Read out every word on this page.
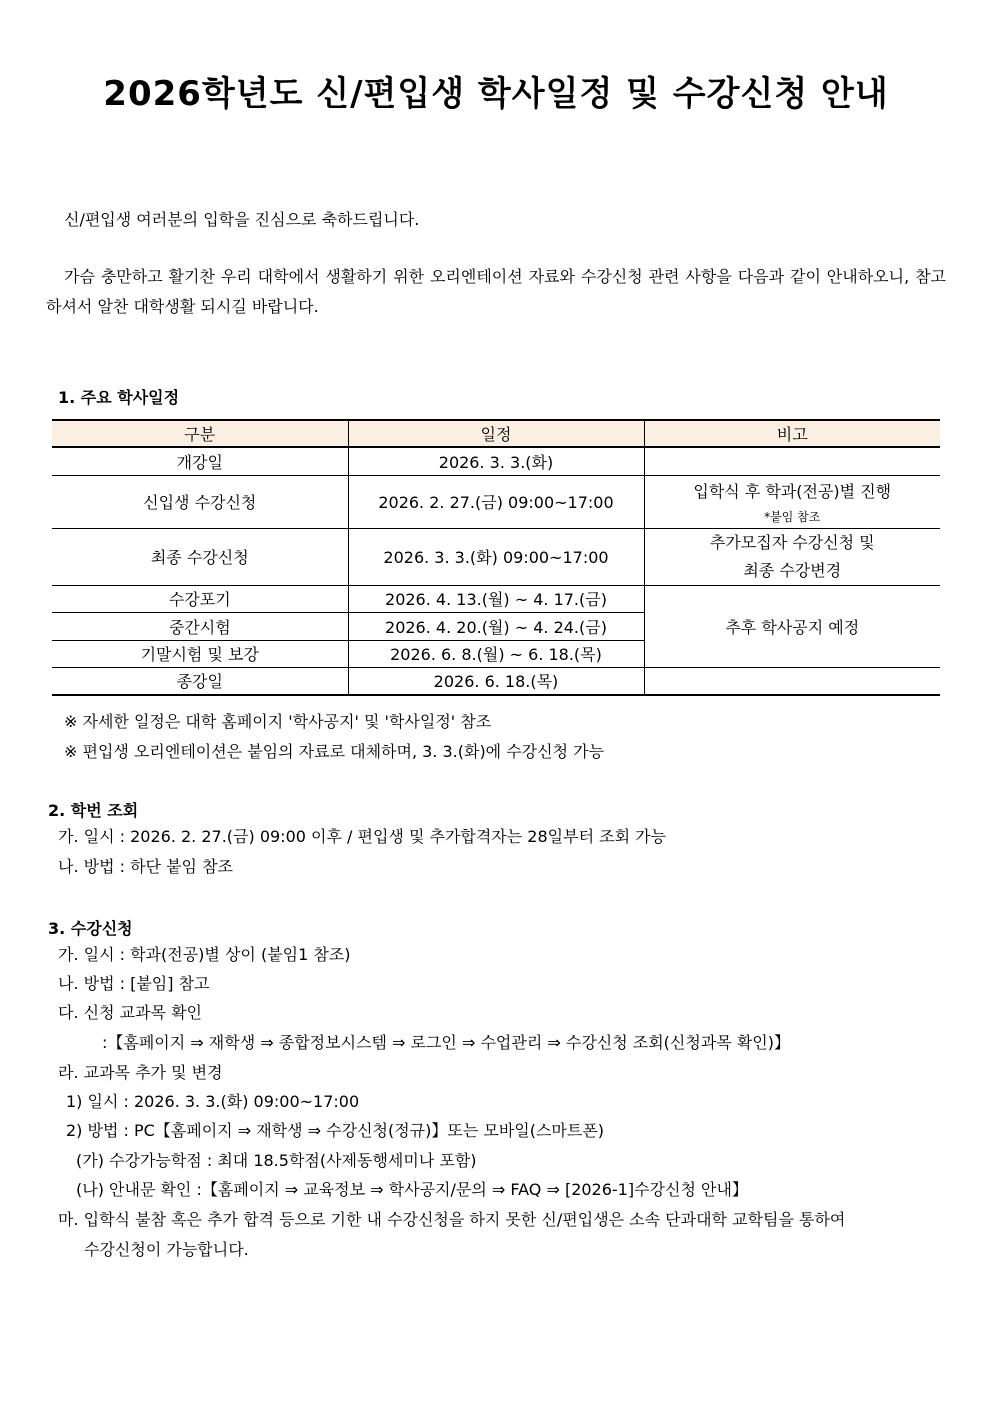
2026학년도 신/편입생 학사일정 및 수강신청 안내
신/편입생 여러분의 입학을 진심으로 축하드립니다.
가슴 충만하고 활기찬 우리 대학에서 생활하기 위한 오리엔테이션 자료와 수강신청 관련 사항을 다음과 같이 안내하오니, 참고하셔서 알찬 대학생활 되시길 바랍니다.
1. 주요 학사일정
구분	일정	비고
개강일	2026. 3. 3.(화)	
신입생 수강신청	2026. 2. 27.(금) 09:00~17:00	입학식 후 학과(전공)별 진행
*붙임 참조

최종 수강신청	2026. 3. 3.(화) 09:00~17:00	추가모집자 수강신청 및
최종 수강변경

수강포기	2026. 4. 13.(월) ~ 4. 17.(금)	추후 학사공지 예정
중간시험	2026. 4. 20.(월) ~ 4. 24.(금)	
기말시험 및 보강	2026. 6. 8.(월) ~ 6. 18.(목)	
종강일	2026. 6. 18.(목)	
※ 자세한 일정은 대학 홈페이지 '학사공지' 및 '학사일정' 참조
※ 편입생 오리엔테이션은 붙임의 자료로 대체하며, 3. 3.(화)에 수강신청 가능
2. 학번 조회
가. 일시 : 2026. 2. 27.(금) 09:00 이후 / 편입생 및 추가합격자는 28일부터 조회 가능
나. 방법 : 하단 붙임 참조
3. 수강신청
가. 일시 : 학과(전공)별 상이 (붙임1 참조)
나. 방법 : [붙임] 참고
다. 신청 교과목 확인
:【홈페이지 ⇒ 재학생 ⇒ 종합정보시스템 ⇒ 로그인 ⇒ 수업관리 ⇒ 수강신청 조회(신청과목 확인)】
라. 교과목 추가 및 변경
1) 일시 : 2026. 3. 3.(화) 09:00~17:00
2) 방법 : PC【홈페이지 ⇒ 재학생 ⇒ 수강신청(정규)】또는 모바일(스마트폰)
(가) 수강가능학점 : 최대 18.5학점(사제동행세미나 포함)
(나) 안내문 확인 :【홈페이지 ⇒ 교육정보 ⇒ 학사공지/문의 ⇒ FAQ ⇒ [2026-1]수강신청 안내】
마. 입학식 불참 혹은 추가 합격 등으로 기한 내 수강신청을 하지 못한 신/편입생은 소속 단과대학 교학팀을 통하여
수강신청이 가능합니다.
